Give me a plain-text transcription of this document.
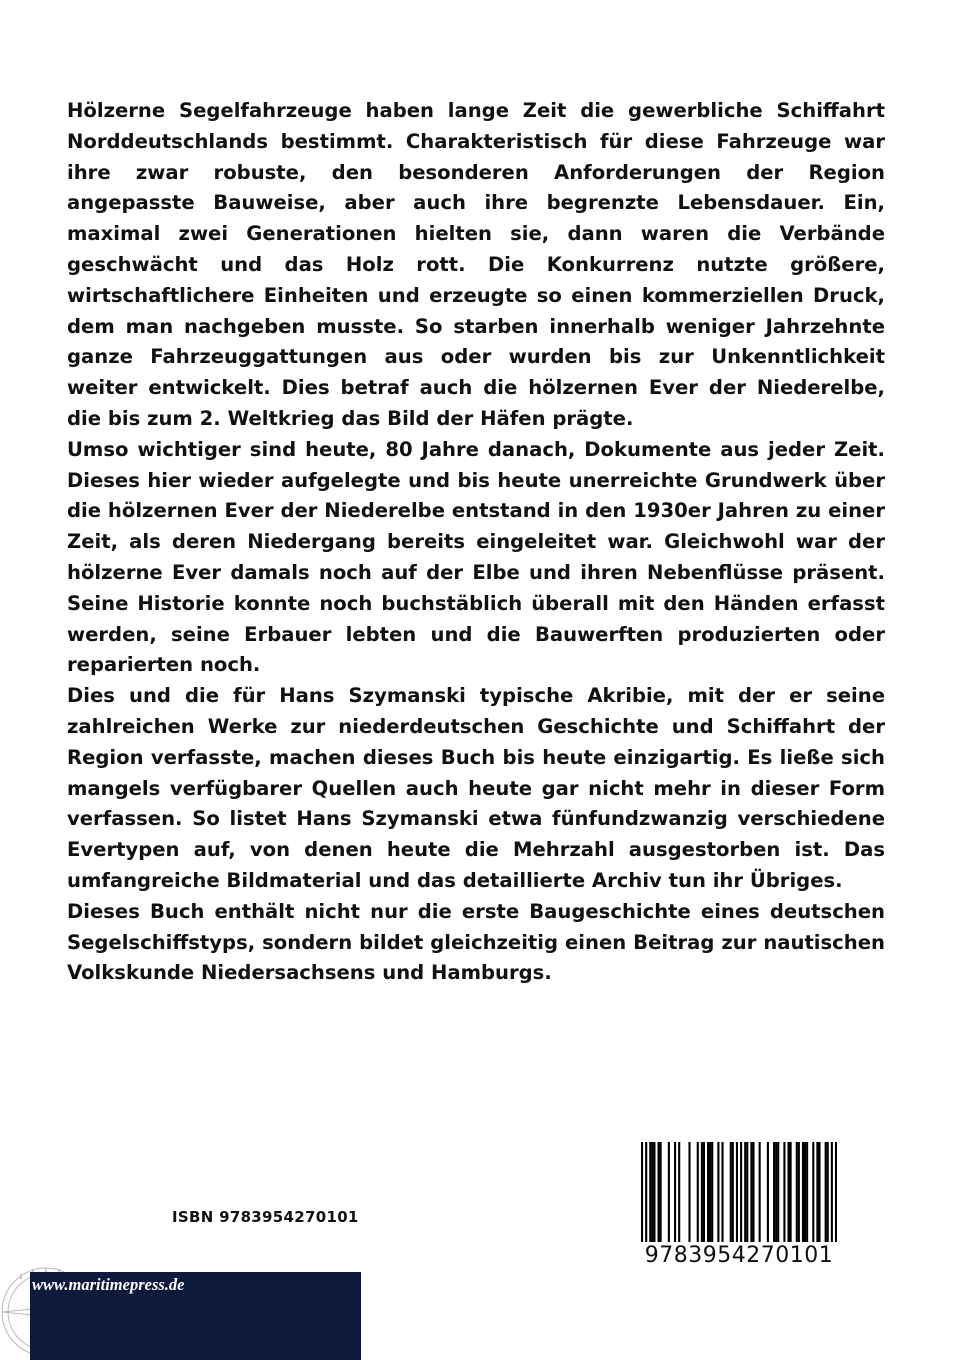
Hölzerne Segelfahrzeuge haben lange Zeit die gewerbliche Schiffahrt Norddeutschlands bestimmt. Charakteristisch für diese Fahrzeuge war ihre zwar robuste, den besonderen Anforderungen der Region angepasste Bauweise, aber auch ihre begrenzte Lebensdauer. Ein, maximal zwei Generationen hielten sie, dann waren die Verbände geschwächt und das Holz rott. Die Konkurrenz nutzte größere, wirtschaftlichere Einheiten und erzeugte so einen kommerziellen Druck, dem man nachgeben musste. So starben innerhalb weniger Jahrzehnte ganze Fahrzeuggattungen aus oder wurden bis zur Unkenntlichkeit weiter entwickelt. Dies betraf auch die hölzernen Ever der Niederelbe, die bis zum 2. Weltkrieg das Bild der Häfen prägte.

Umso wichtiger sind heute, 80 Jahre danach, Dokumente aus jeder Zeit. Dieses hier wieder aufgelegte und bis heute unerreichte Grundwerk über die hölzernen Ever der Niederelbe entstand in den 1930er Jahren zu einer Zeit, als deren Niedergang bereits eingeleitet war. Gleichwohl war der hölzerne Ever damals noch auf der Elbe und ihren Nebenflüsse präsent. Seine Historie konnte noch buchstäblich überall mit den Händen erfasst werden, seine Erbauer lebten und die Bauwerften produzierten oder reparierten noch.

Dies und die für Hans Szymanski typische Akribie, mit der er seine zahlreichen Werke zur niederdeutschen Geschichte und Schiffahrt der Region verfasste, machen dieses Buch bis heute einzigartig. Es ließe sich mangels verfügbarer Quellen auch heute gar nicht mehr in dieser Form verfassen. So listet Hans Szymanski etwa fünfundzwanzig verschiedene Evertypen auf, von denen heute die Mehrzahl ausgestorben ist. Das umfangreiche Bildmaterial und das detaillierte Archiv tun ihr Übriges.

Dieses Buch enthält nicht nur die erste Baugeschichte eines deutschen Segelschiffstyps, sondern bildet gleichzeitig einen Beitrag zur nautischen Volkskunde Niedersachsens und Hamburgs.

ISBN 9783954270101
9783954270101
www.maritimepress.de
